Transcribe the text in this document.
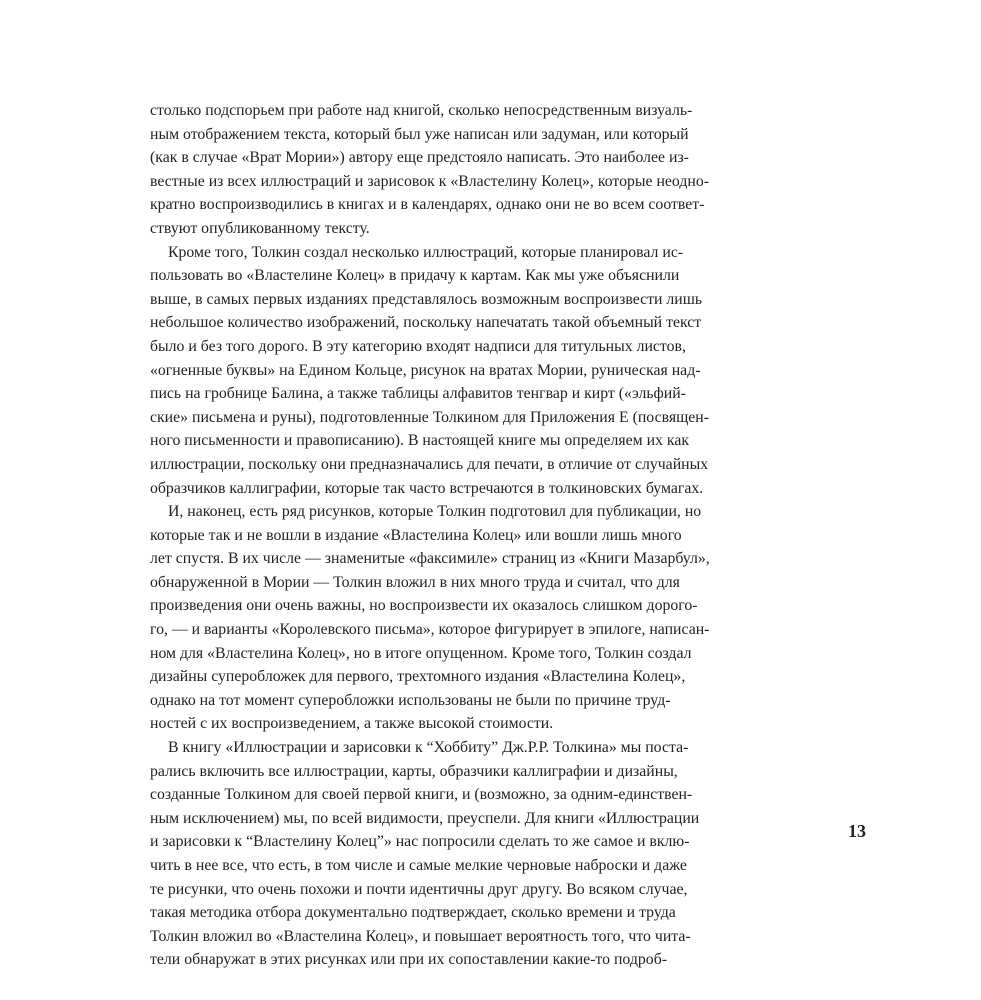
столько подспорьем при работе над книгой, сколько непосредственным визуаль-
ным отображением текста, который был уже написан или задуман, или который
(как в случае «Врат Мории») автору еще предстояло написать. Это наиболее из-
вестные из всех иллюстраций и зарисовок к «Властелину Колец», которые неодно-
кратно воспроизводились в книгах и в календарях, однако они не во всем соответ-
ствуют опубликованному тексту.
Кроме того, Толкин создал несколько иллюстраций, которые планировал ис-
пользовать во «Властелине Колец» в придачу к картам. Как мы уже объяснили
выше, в самых первых изданиях представлялось возможным воспроизвести лишь
небольшое количество изображений, поскольку напечатать такой объемный текст
было и без того дорого. В эту категорию входят надписи для титульных листов,
«огненные буквы» на Едином Кольце, рисунок на вратах Мории, руническая над-
пись на гробнице Балина, а также таблицы алфавитов тенгвар и кирт («эльфий-
ские» письмена и руны), подготовленные Толкином для Приложения E (посвящен-
ного письменности и правописанию). В настоящей книге мы определяем их как
иллюстрации, поскольку они предназначались для печати, в отличие от случайных
образчиков каллиграфии, которые так часто встречаются в толкиновских бумагах.
И, наконец, есть ряд рисунков, которые Толкин подготовил для публикации, но
которые так и не вошли в издание «Властелина Колец» или вошли лишь много
лет спустя. В их числе — знаменитые «факсимиле» страниц из «Книги Мазарбул»,
обнаруженной в Мории — Толкин вложил в них много труда и считал, что для
произведения они очень важны, но воспроизвести их оказалось слишком дорого-
го, — и варианты «Королевского письма», которое фигурирует в эпилоге, написан-
ном для «Властелина Колец», но в итоге опущенном. Кроме того, Толкин создал
дизайны суперобложек для первого, трехтомного издания «Властелина Колец»,
однако на тот момент суперобложки использованы не были по причине труд-
ностей с их воспроизведением, а также высокой стоимости.
В книгу «Иллюстрации и зарисовки к “Хоббиту” Дж.Р.Р. Толкина» мы поста-
рались включить все иллюстрации, карты, образчики каллиграфии и дизайны,
созданные Толкином для своей первой книги, и (возможно, за одним-единствен-
ным исключением) мы, по всей видимости, преуспели. Для книги «Иллюстрации
и зарисовки к “Властелину Колец”» нас попросили сделать то же самое и вклю-
чить в нее все, что есть, в том числе и самые мелкие черновые наброски и даже
те рисунки, что очень похожи и почти идентичны друг другу. Во всяком случае,
такая методика отбора документально подтверждает, сколько времени и труда
Толкин вложил во «Властелина Колец», и повышает вероятность того, что чита-
тели обнаружат в этих рисунках или при их сопоставлении какие-то подроб-
13
